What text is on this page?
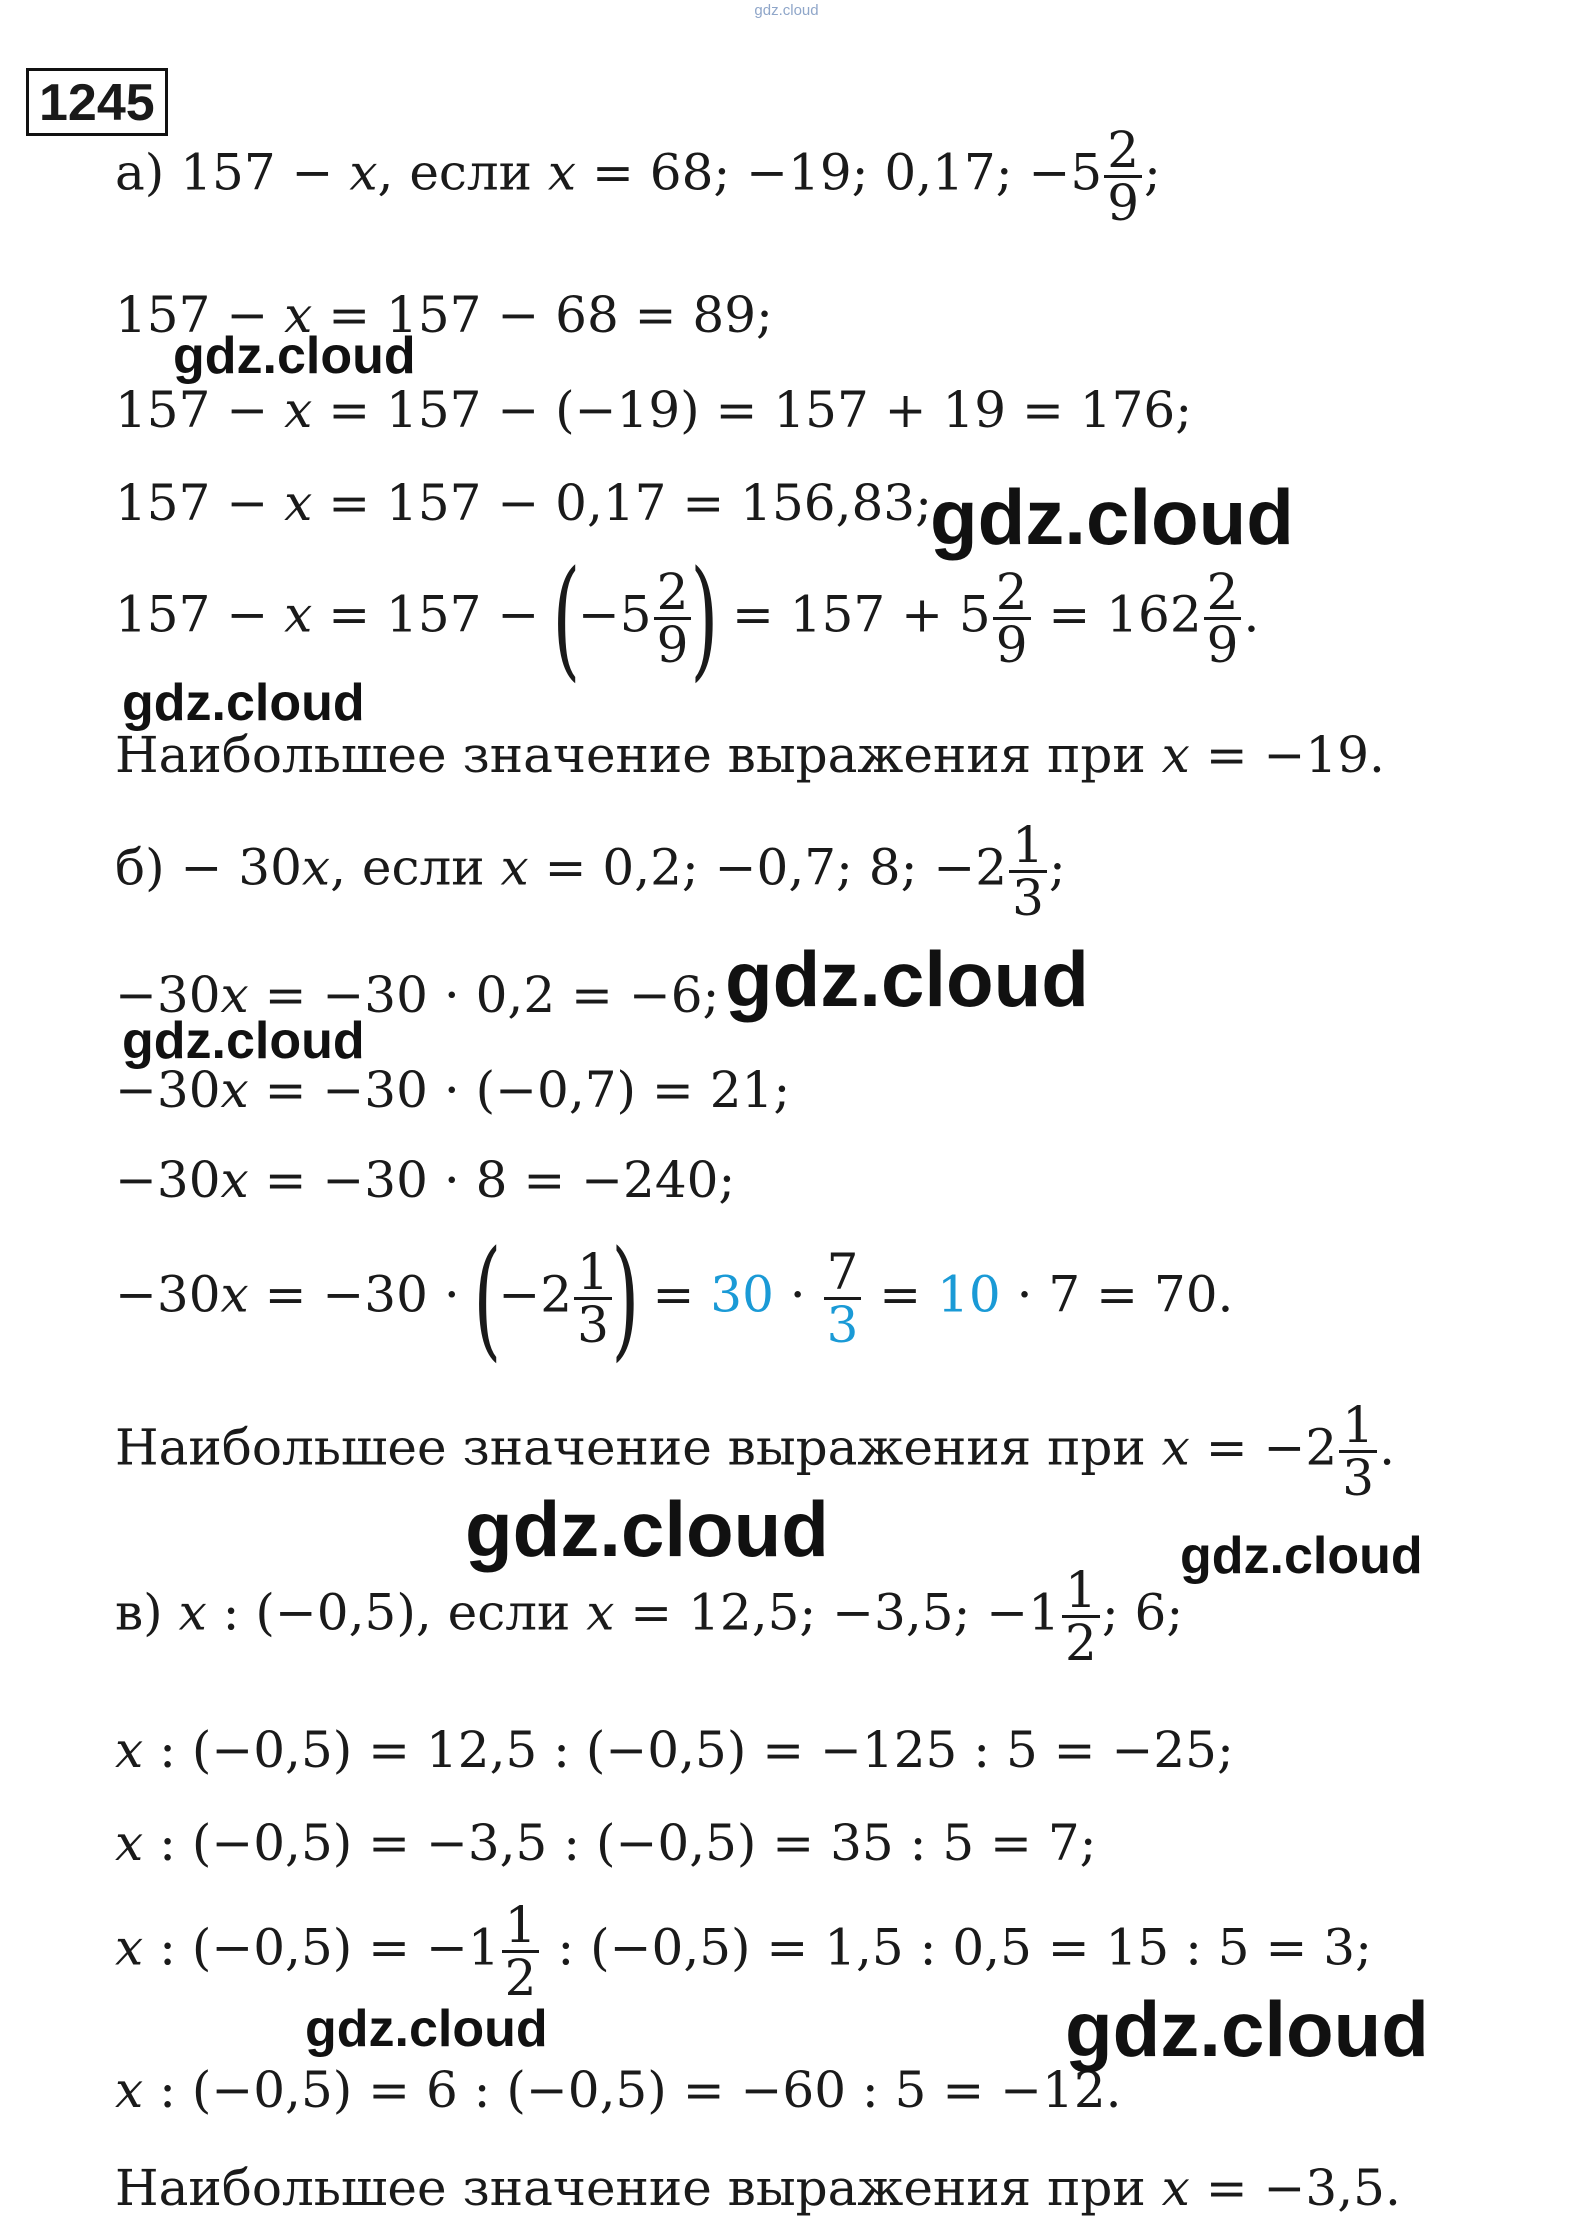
gdz.cloud
1245
а) 157 − x, если x = 68; −19; 0,17; $-5 \frac{2}{9}$ ;
157 − x = 157 − 68 = 89;
157 − x = 157 − (−19) = 157 + 19 = 176;
157 − x = 157 − 0,17 = 156,83;
$157 - x = 157 - (-5 \frac{2}{9}$ ) = $157 + 5 \frac{2}{9} = 162 \frac{2}{9}$ .
Наибольшее значение выражения при x = −19.
б) − 30x, если x = 0,2; −0,7; 8; $-2 \frac{1}{3}$ ;
−30x = −30 · 0,2 = −6;
−30x = −30 · (−0,7) = 21;
−30x = −30 · 8 = −240;
$-30x = -30 \cdot (-2 \frac{1}{3}$ ) = $30 \cdot \frac{7}{3} = 10 \cdot 7 = 70$.
Наибольшее значение выражения при $x = -2 \frac{1}{3}$ .
в) x : (−0,5), если x = 12,5; −3,5; $-1 \frac{1}{2}$ ; 6;
x : (−0,5) = 12,5 : (−0,5) = −125 : 5 = −25;
x : (−0,5) = −3,5 : (−0,5) = 35 : 5 = 7;
x : $(-0,5) = -1 \frac{1}{2}$ : (−0,5) = 1,5 : 0,5 = 15 : 5 = 3;
x : (−0,5) = 6 : (−0,5) = −60 : 5 = −12.
Наибольшее значение выражения при x = −3,5.
gdz.cloud
gdz.cloud
gdz.cloud
gdz.cloud
gdz.cloud
gdz.cloud	gdz.cloud
gdz.cloud	gdz.cloud
